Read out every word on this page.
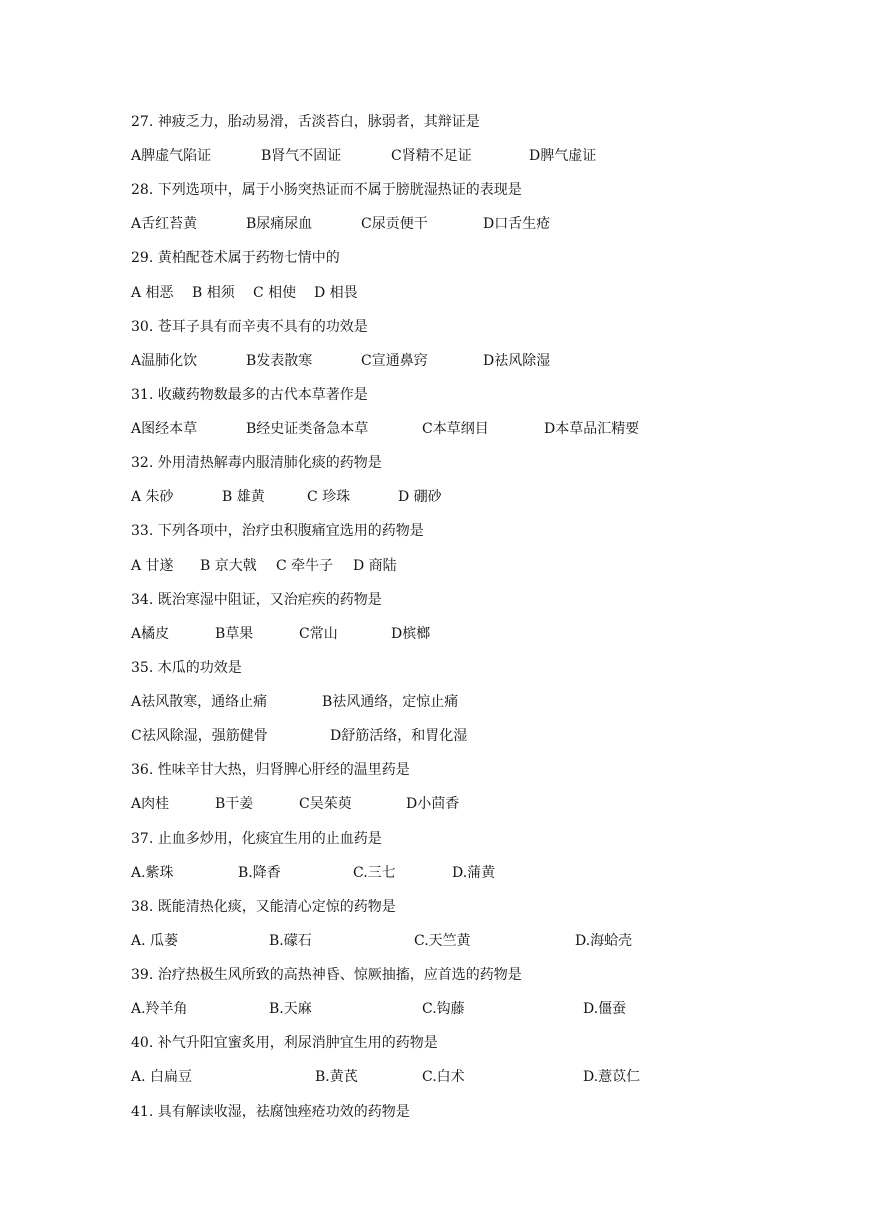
27. 神疲乏力，胎动易滑，舌淡苔白，脉弱者，其辩证是
A脾虚气陷证	B肾气不固证	C肾精不足证	D脾气虚证
28. 下列选项中，属于小肠突热证而不属于膀胱湿热证的表现是
A舌红苔黄	B尿痛尿血	C尿贡便干	D口舌生疮
29. 黄柏配苍术属于药物七情中的
A 相恶 B 相须 C 相使 D 相畏
30. 苍耳子具有而辛夷不具有的功效是
A温肺化饮	B发表散寒	C宣通鼻窍	D祛风除湿
31. 收藏药物数最多的古代本草著作是
A图经本草	B经史证类备急本草	C本草纲目	D本草品汇精要
32. 外用清热解毒内服清肺化痰的药物是
A 朱砂	B 雄黄	C 珍珠	D 硼砂
33. 下列各项中，治疗虫积腹痛宜选用的药物是
A 甘遂 B 京大戟 C 牵牛子 D 商陆
34. 既治寒湿中阻证，又治疟疾的药物是
A橘皮	B草果	C常山	D槟榔
35. 木瓜的功效是
A祛风散寒，通络止痛	B祛风通络，定惊止痛
C祛风除湿，强筋健骨	D舒筋活络，和胃化湿
36. 性味辛甘大热，归肾脾心肝经的温里药是
A肉桂	B干姜	C吴茱萸	D小茴香
37. 止血多炒用，化痰宜生用的止血药是
A.紫珠	B.降香	C.三七	D.蒲黄
38. 既能清热化痰，又能清心定惊的药物是
A. 瓜蒌	B.礞石	C.天竺黄	D.海蛤壳
39. 治疗热极生风所致的高热神昏、惊厥抽搐，应首选的药物是
A.羚羊角	B.天麻	C.钩藤	D.僵蚕
40. 补气升阳宜蜜炙用，利尿消肿宜生用的药物是
A. 白扁豆	B.黄芪	C.白术	D.薏苡仁
41. 具有解读收湿，祛腐蚀痤疮功效的药物是
